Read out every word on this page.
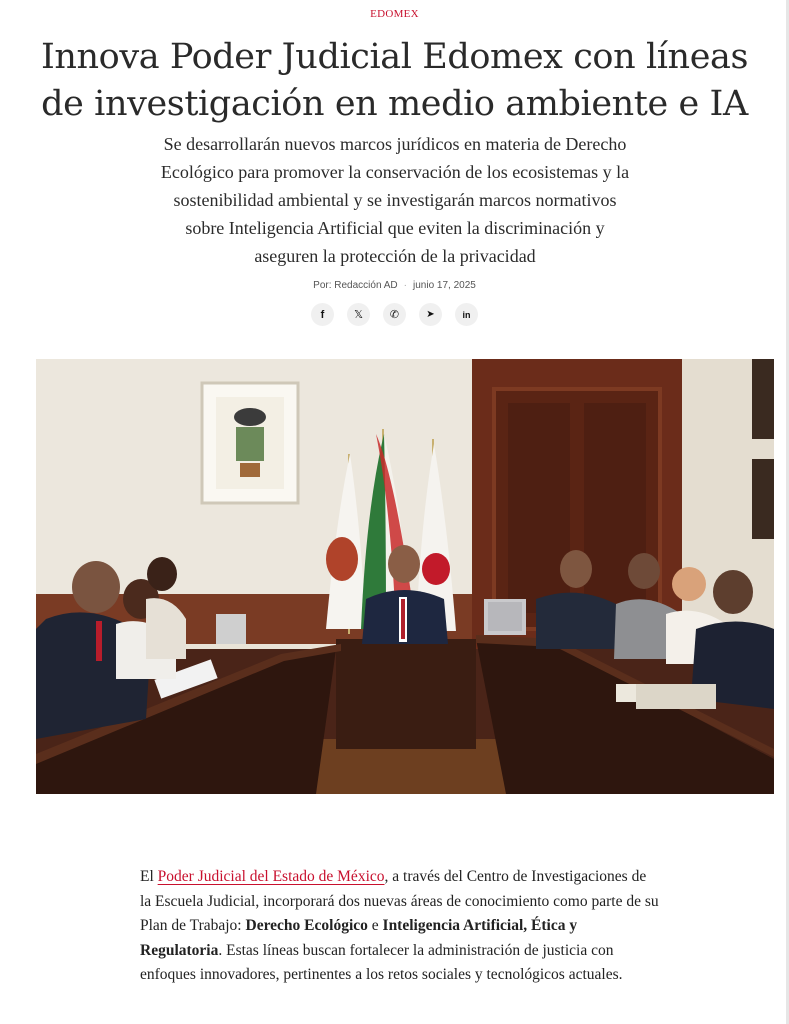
EDOMEX
Innova Poder Judicial Edomex con líneas de investigación en medio ambiente e IA

Se desarrollarán nuevos marcos jurídicos en materia de Derecho Ecológico para promover la conservación de los ecosistemas y la sostenibilidad ambiental y se investigarán marcos normativos sobre Inteligencia Artificial que eviten la discriminación y aseguren la protección de la privacidad

Por: Redacción AD · junio 17, 2025
f	𝕏 ✆	➤	in

El Poder Judicial del Estado de México, a través del Centro de Investigaciones de la Escuela Judicial, incorporará dos nuevas áreas de conocimiento como parte de su Plan de Trabajo: Derecho Ecológico e Inteligencia Artificial, Ética y Regulatoria. Estas líneas buscan fortalecer la administración de justicia con enfoques innovadores, pertinentes a los retos sociales y tecnológicos actuales.
